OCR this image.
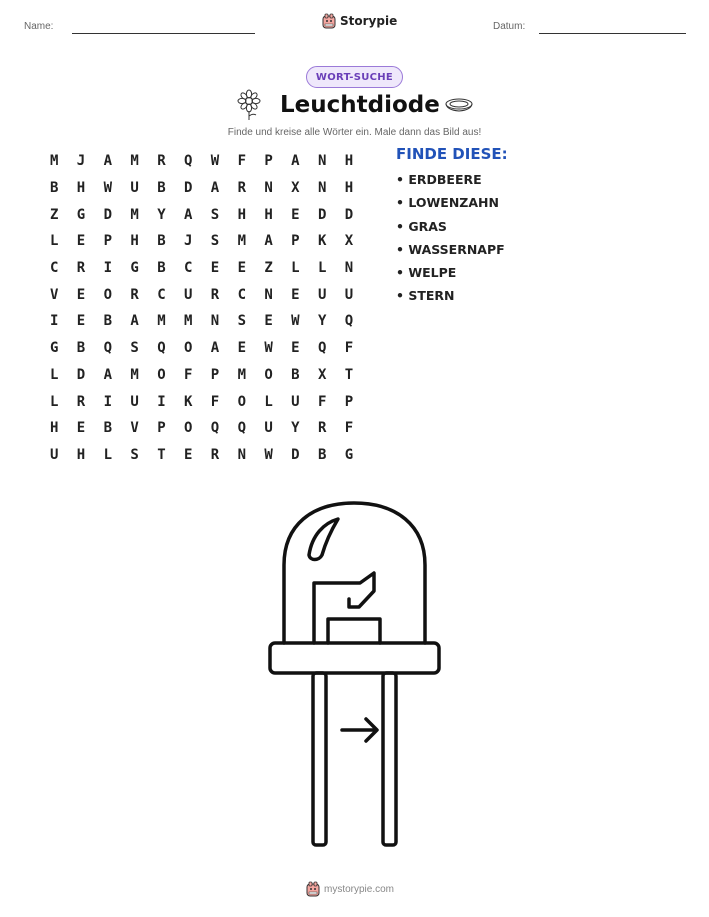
Name:	Storypie	Datum:
WORT-SUCHE
Leuchtdiode
Finde und kreise alle Wörter ein. Male dann das Bild aus!
M	J	A	M	R	Q	W	F	P	A	N	H
B	H	W	U	B	D	A	R	N	X	N	H
Z	G	D	M	Y	A	S	H	H	E	D	D
L	E	P	H	B	J	S	M	A	P	K	X
C	R	I	G	B	C	E	E	Z	L	L	N
V	E	O	R	C	U	R	C	N	E	U	U
I	E	B	A	M	M	N	S	E	W	Y	Q
G	B	Q	S	Q	O	A	E	W	E	Q	F
L	D	A	M	O	F	P	M	O	B	X	T
L	R	I	U	I	K	F	O	L	U	F	P
H	E	B	V	P	O	Q	Q	U	Y	R	F
U	H	L	S	T	E	R	N	W	D	B	G
FINDE DIESE:
• ERDBEERE
• LOWENZAHN
• GRAS
• WASSERNAPF
• WELPE
• STERN
mystorypie.com
